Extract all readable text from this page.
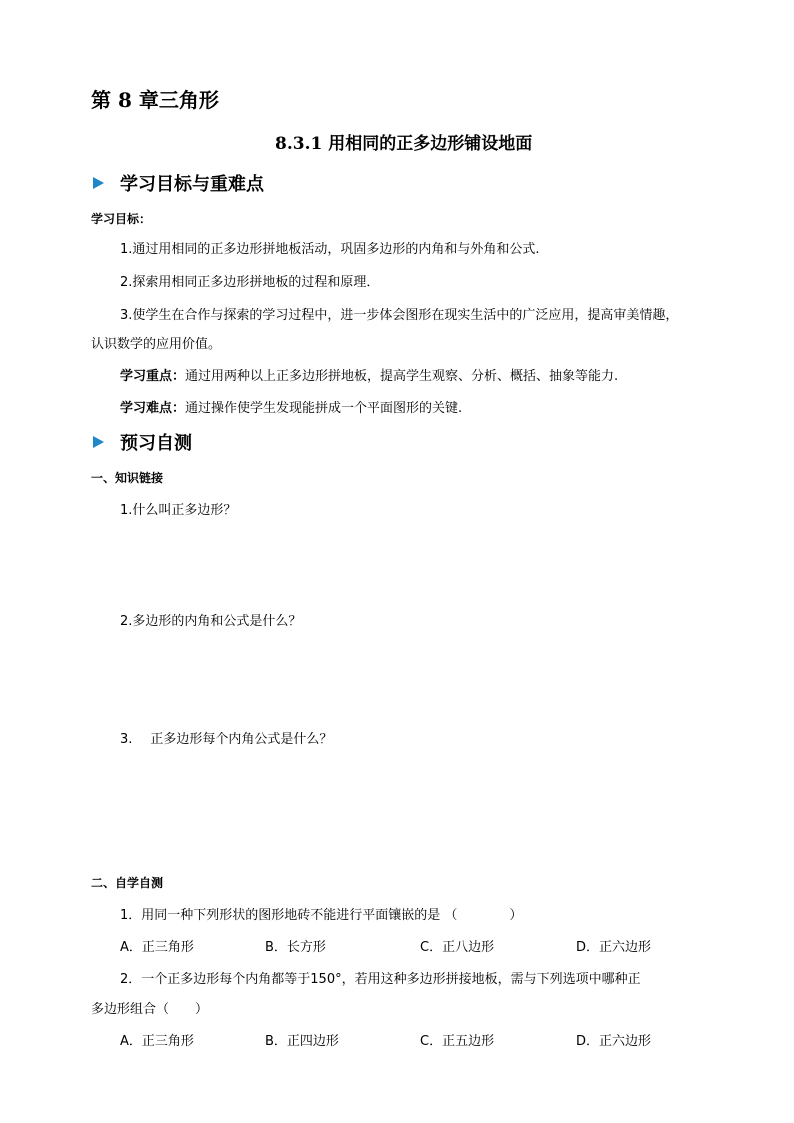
第 8 章三角形
8.3.1 用相同的正多边形铺设地面
学习目标与重难点
学习目标：
1.通过用相同的正多边形拼地板活动，巩固多边形的内角和与外角和公式.
2.探索用相同正多边形拼地板的过程和原理．
3.使学生在合作与探索的学习过程中，进一步体会图形在现实生活中的广泛应用，提高审美情趣，
认识数学的应用价值。
学习重点：通过用两种以上正多边形拼地板，提高学生观察、分析、概括、抽象等能力.
学习难点：通过操作使学生发现能拼成一个平面图形的关键.
预习自测
一、知识链接
1.什么叫正多边形？
2.多边形的内角和公式是什么？
3. 正多边形每个内角公式是什么？
二、自学自测
1．用同一种下列形状的图形地砖不能进行平面镶嵌的是 （　　　　）
A．正三角形	B．长方形	C．正八边形	D．正六边形
2．一个正多边形每个内角都等于150°，若用这种多边形拼接地板，需与下列选项中哪种正
多边形组合（　　）
A．正三角形	B．正四边形	C．正五边形	D．正六边形
